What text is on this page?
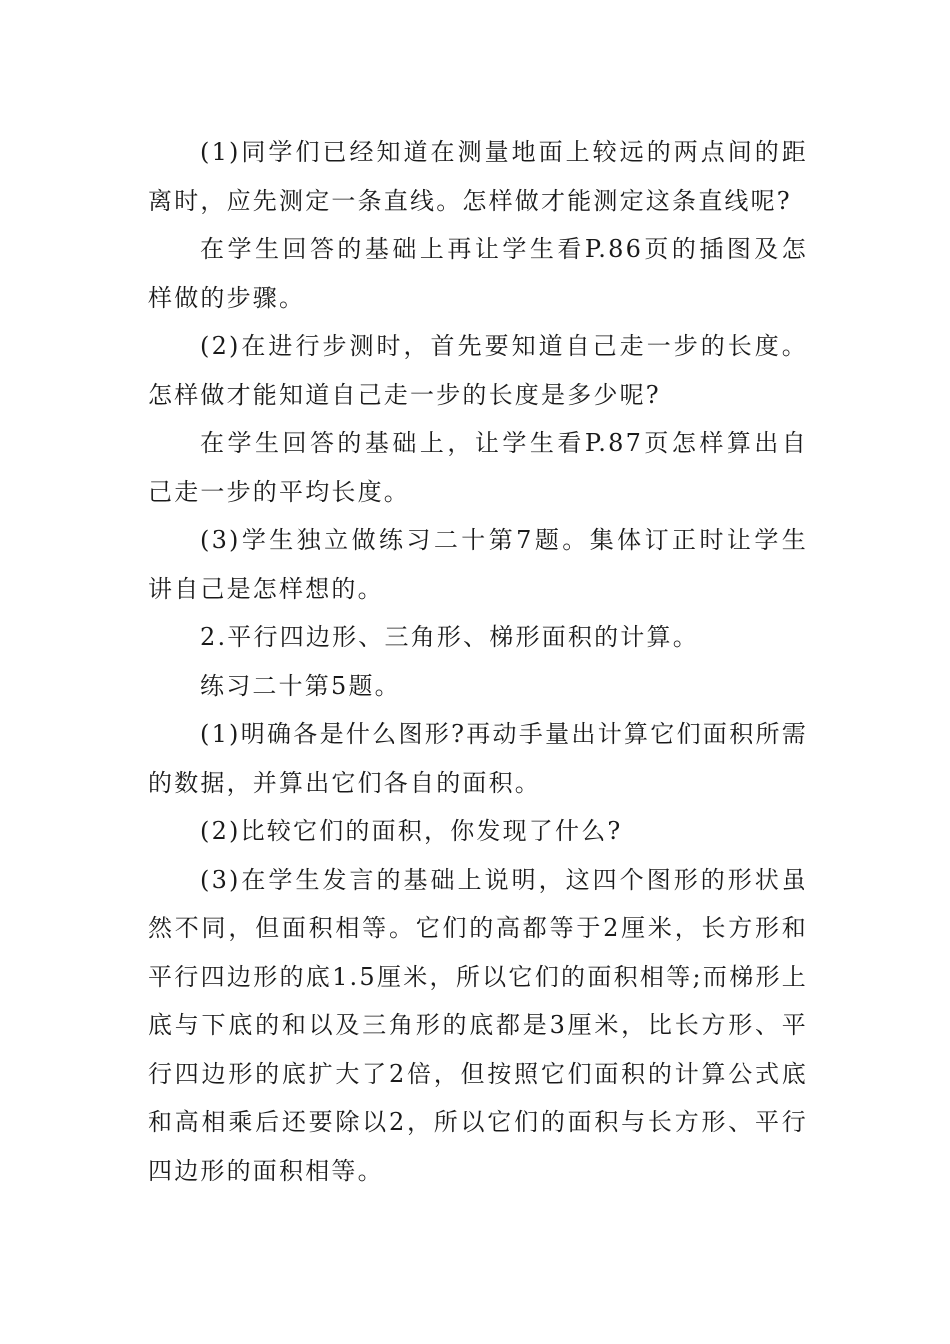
(1)同学们已经知道在测量地面上较远的两点间的距离时，应先测定一条直线。怎样做才能测定这条直线呢?

在学生回答的基础上再让学生看P.86页的插图及怎样做的步骤。

(2)在进行步测时，首先要知道自己走一步的长度。怎样做才能知道自己走一步的长度是多少呢?

在学生回答的基础上，让学生看P.87页怎样算出自己走一步的平均长度。

(3)学生独立做练习二十第7题。集体订正时让学生讲自己是怎样想的。

2.平行四边形、三角形、梯形面积的计算。

练习二十第5题。

(1)明确各是什么图形?再动手量出计算它们面积所需的数据，并算出它们各自的面积。

(2)比较它们的面积，你发现了什么?

(3)在学生发言的基础上说明，这四个图形的形状虽然不同，但面积相等。它们的高都等于2厘米，长方形和平行四边形的底1.5厘米，所以它们的面积相等;而梯形上底与下底的和以及三角形的底都是3厘米，比长方形、平行四边形的底扩大了2倍，但按照它们面积的计算公式底和高相乘后还要除以2，所以它们的面积与长方形、平行四边形的面积相等。
